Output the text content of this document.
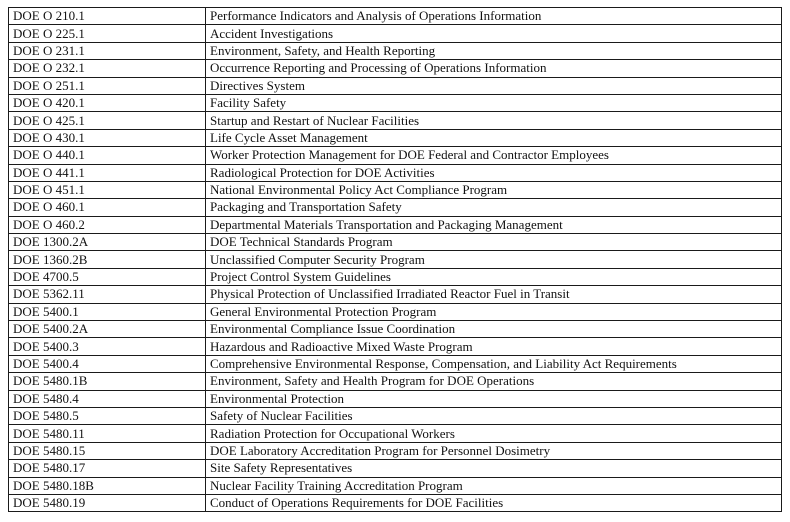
DOE O 210.1	Performance Indicators and Analysis of Operations Information
DOE O 225.1	Accident Investigations
DOE O 231.1	Environment, Safety, and Health Reporting
DOE O 232.1	Occurrence Reporting and Processing of Operations Information
DOE O 251.1	Directives System
DOE O 420.1	Facility Safety
DOE O 425.1	Startup and Restart of Nuclear Facilities
DOE O 430.1	Life Cycle Asset Management
DOE O 440.1	Worker Protection Management for DOE Federal and Contractor Employees
DOE O 441.1	Radiological Protection for DOE Activities
DOE O 451.1	National Environmental Policy Act Compliance Program
DOE O 460.1	Packaging and Transportation Safety
DOE O 460.2	Departmental Materials Transportation and Packaging Management
DOE 1300.2A	DOE Technical Standards Program
DOE 1360.2B	Unclassified Computer Security Program
DOE 4700.5	Project Control System Guidelines
DOE 5362.11	Physical Protection of Unclassified Irradiated Reactor Fuel in Transit
DOE 5400.1	General Environmental Protection Program
DOE 5400.2A	Environmental Compliance Issue Coordination
DOE 5400.3	Hazardous and Radioactive Mixed Waste Program
DOE 5400.4	Comprehensive Environmental Response, Compensation, and Liability Act Requirements
DOE 5480.1B	Environment, Safety and Health Program for DOE Operations
DOE 5480.4	Environmental Protection
DOE 5480.5	Safety of Nuclear Facilities
DOE 5480.11	Radiation Protection for Occupational Workers
DOE 5480.15	DOE Laboratory Accreditation Program for Personnel Dosimetry
DOE 5480.17	Site Safety Representatives
DOE 5480.18B	Nuclear Facility Training Accreditation Program
DOE 5480.19	Conduct of Operations Requirements for DOE Facilities
